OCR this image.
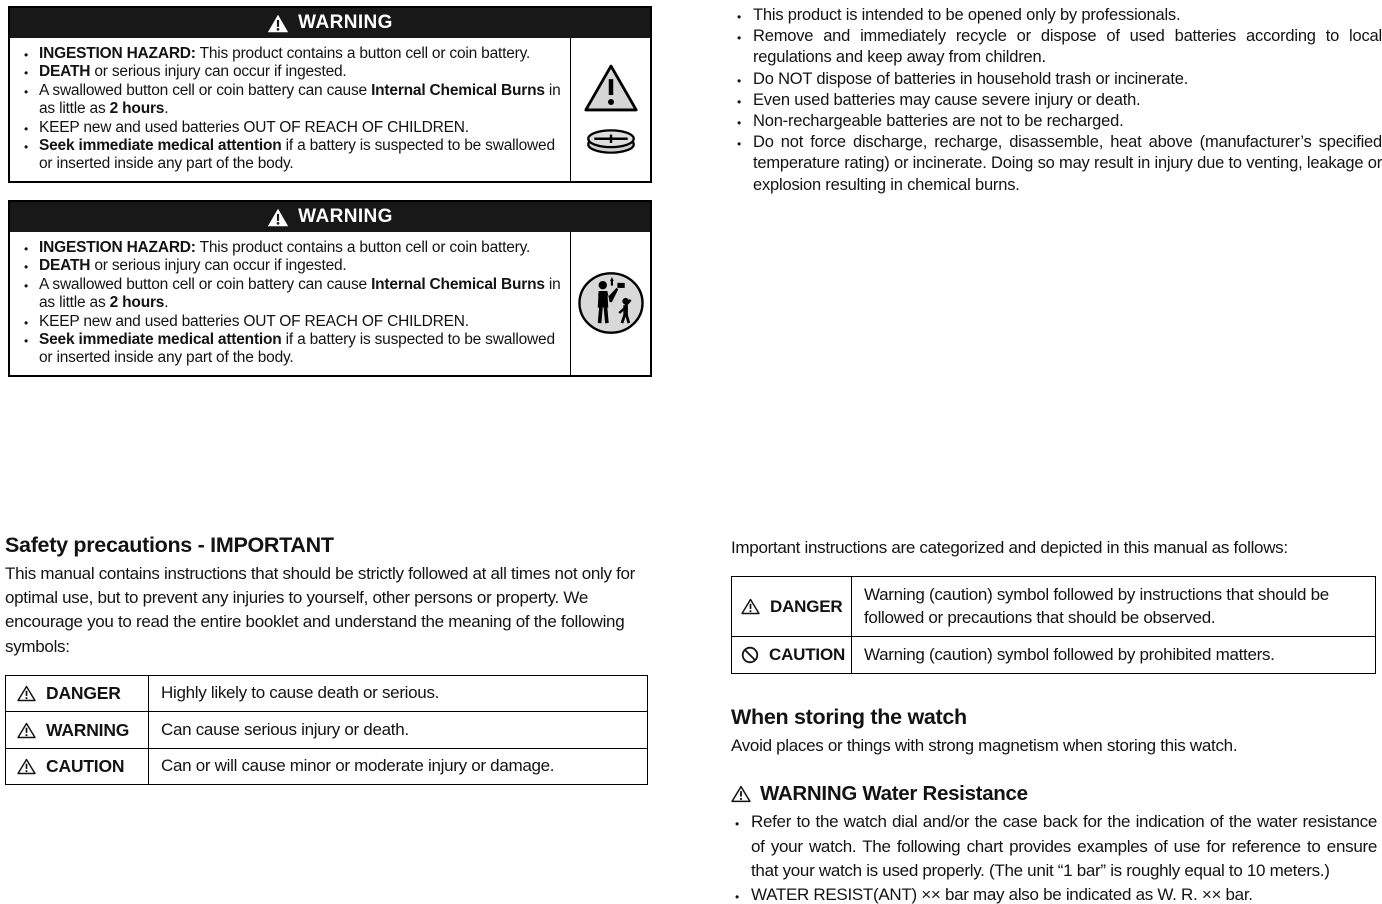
WARNING
• INGESTION HAZARD: This product contains a button cell or coin battery.
• DEATH or serious injury can occur if ingested.
• A swallowed button cell or coin battery can cause Internal Chemical Burns in as little as 2 hours.
• KEEP new and used batteries OUT OF REACH OF CHILDREN.
• Seek immediate medical attention if a battery is suspected to be swallowed or inserted inside any part of the body.
WARNING
• INGESTION HAZARD: This product contains a button cell or coin battery.
• DEATH or serious injury can occur if ingested.
• A swallowed button cell or coin battery can cause Internal Chemical Burns in as little as 2 hours.
• KEEP new and used batteries OUT OF REACH OF CHILDREN.
• Seek immediate medical attention if a battery is suspected to be swallowed or inserted inside any part of the body.
• This product is intended to be opened only by professionals.
• Remove and immediately recycle or dispose of used batteries according to local regulations and keep away from children.
• Do NOT dispose of batteries in household trash or incinerate.
• Even used batteries may cause severe injury or death.
• Non-rechargeable batteries are not to be recharged.
• Do not force discharge, recharge, disassemble, heat above (manufacturer’s specified temperature rating) or incinerate. Doing so may result in injury due to venting, leakage or explosion resulting in chemical burns.
Safety precautions - IMPORTANT
This manual contains instructions that should be strictly followed at all times not only for optimal use, but to prevent any injuries to yourself, other persons or property. We encourage you to read the entire booklet and understand the meaning of the following symbols:
DANGER	Highly likely to cause death or serious.

WARNING	Can cause serious injury or death.

CAUTION	Can or will cause minor or moderate injury or damage.
Important instructions are categorized and depicted in this manual as follows:
DANGER	Warning (caution) symbol followed by instructions that should be followed or precautions that should be observed.

CAUTION	Warning (caution) symbol followed by prohibited matters.
When storing the watch
Avoid places or things with strong magnetism when storing this watch.
WARNING Water Resistance
• Refer to the watch dial and/or the case back for the indication of the water resistance of your watch. The following chart provides examples of use for reference to ensure that your watch is used properly. (The unit “1 bar” is roughly equal to 10 meters.)
• WATER RESIST(ANT) ×× bar may also be indicated as W. R. ×× bar.
